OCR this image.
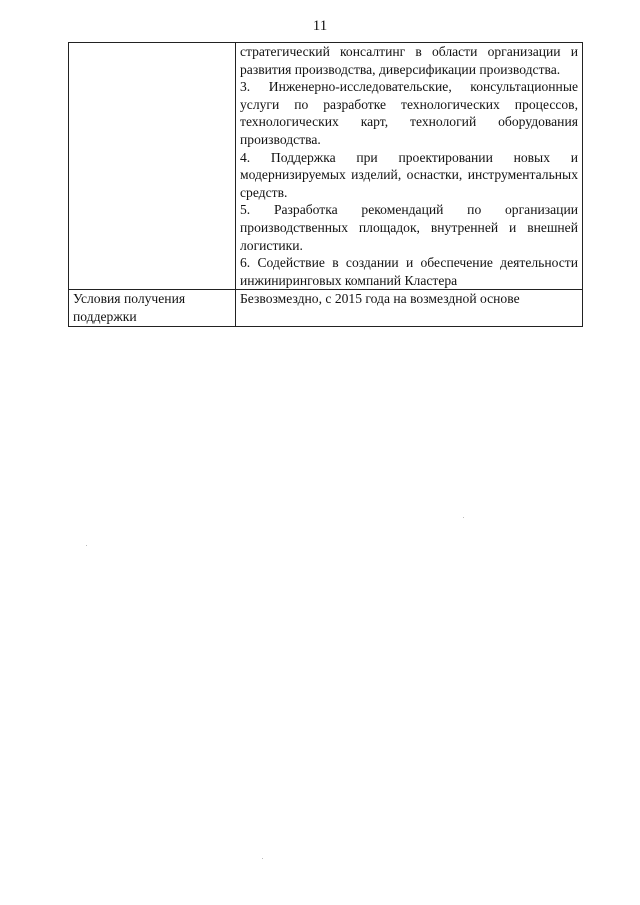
11

	стратегический консалтинг в области организации и развития производства, диверсификации производства.
3. Инженерно-исследовательские, консультационные услуги по разработке технологических процессов, технологических карт, технологий оборудования производства.
4. Поддержка при проектировании новых и модернизируемых изделий, оснастки, инструментальных средств.
5. Разработка рекомендаций по организации производственных площадок, внутренней и внешней логистики.
6. Содействие в создании и обеспечение деятельности инжиниринговых компаний Кластера

Условия получения поддержки	Безвозмездно, с 2015 года на возмездной основе
